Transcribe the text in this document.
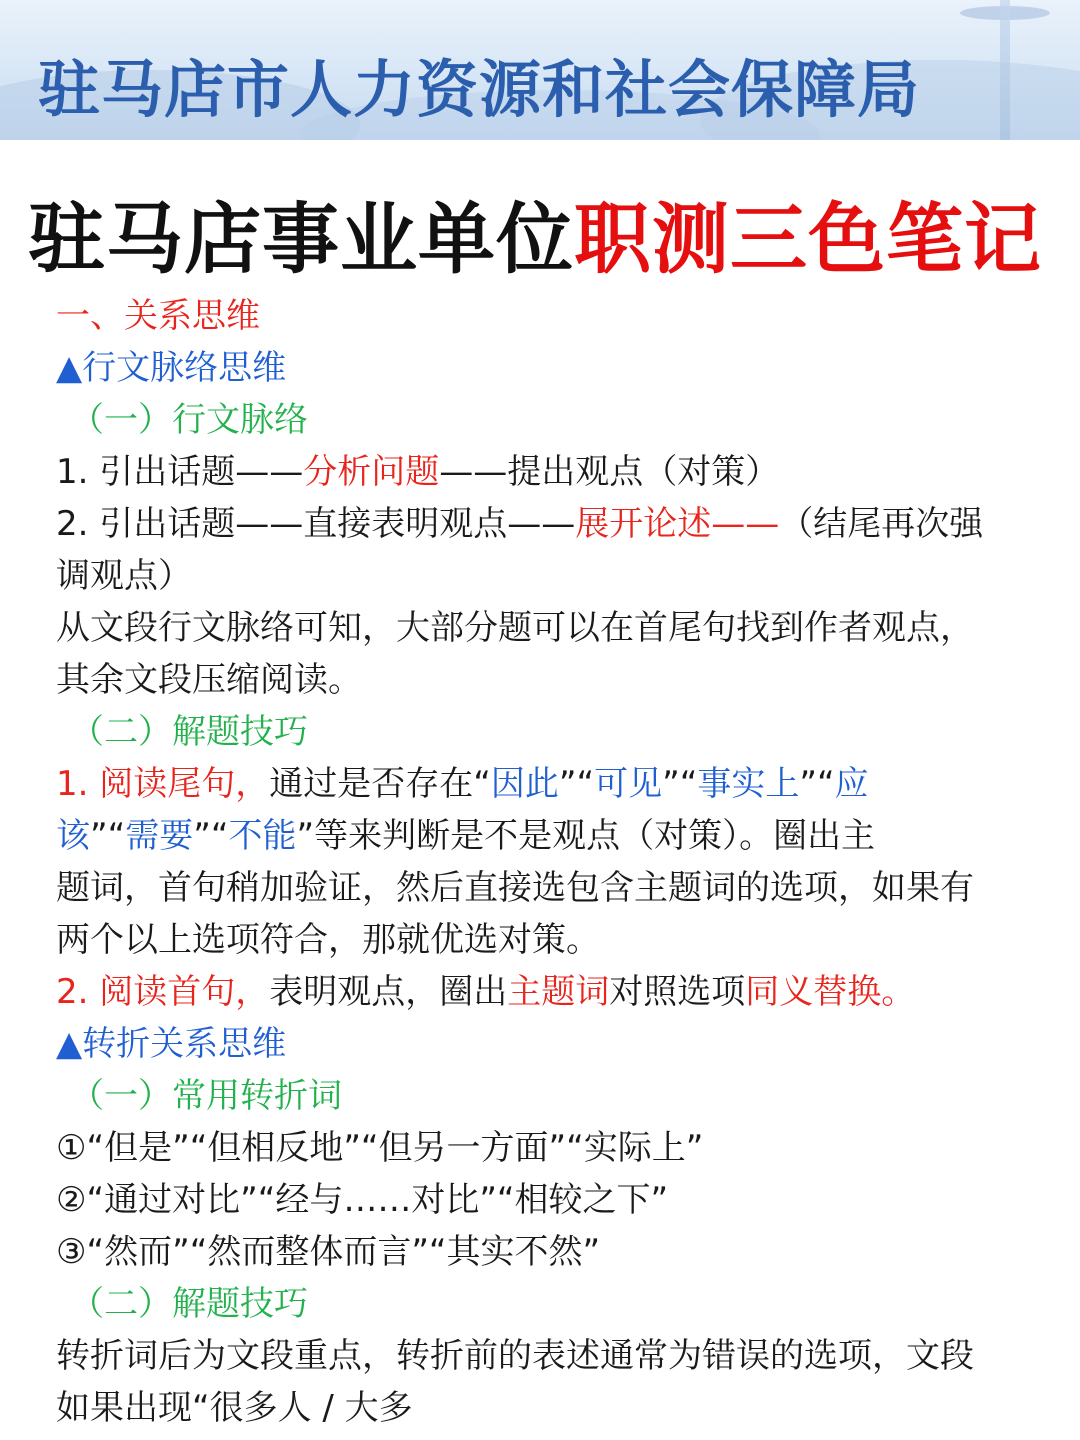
驻马店市人力资源和社会保障局
驻马店事业单位职测三色笔记

一、关系思维

▲行文脉络思维

（一）行文脉络

1. 引出话题——分析问题——提出观点（对策）

2. 引出话题——直接表明观点——展开论述——（结尾再次强

调观点）

从文段行文脉络可知，大部分题可以在首尾句找到作者观点，

其余文段压缩阅读。

（二）解题技巧

1. 阅读尾句，通过是否存在“因此”“可见”“事实上”“应

该”“需要”“不能”等来判断是不是观点（对策）。圈出主

题词，首句稍加验证，然后直接选包含主题词的选项，如果有

两个以上选项符合，那就优选对策。

2. 阅读首句，表明观点，圈出主题词对照选项同义替换。

▲转折关系思维

（一）常用转折词

①“但是”“但相反地”“但另一方面”“实际上”

②“通过对比”“经与……对比”“相较之下”

③“然而”“然而整体而言”“其实不然”

（二）解题技巧

转折词后为文段重点，转折前的表述通常为错误的选项，文段

如果出现“很多人 / 大多
